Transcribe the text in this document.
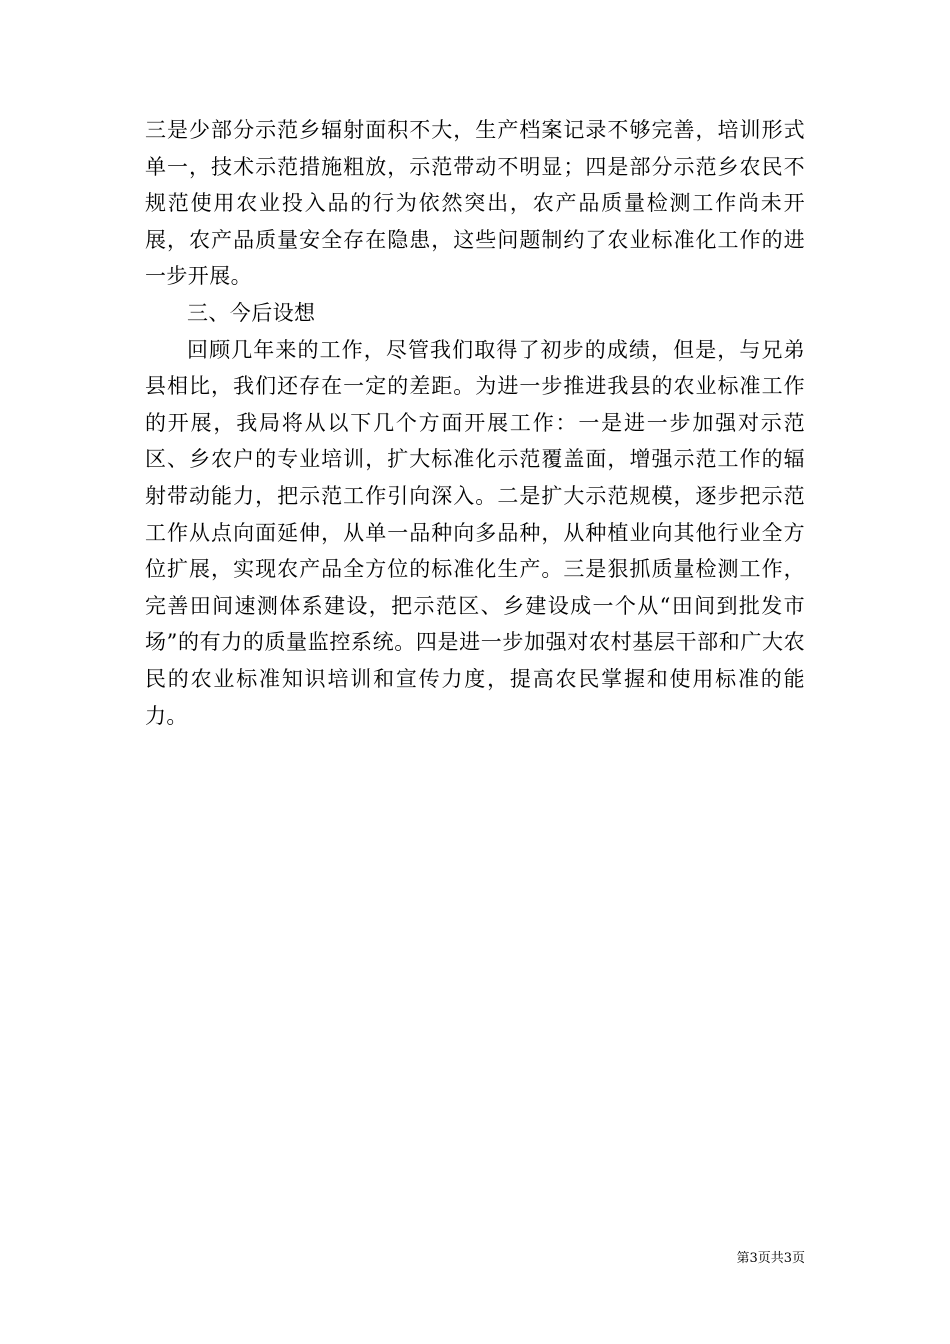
三是少部分示范乡辐射面积不大，生产档案记录不够完善，培训形式单一，技术示范措施粗放，示范带动不明显；四是部分示范乡农民不规范使用农业投入品的行为依然突出，农产品质量检测工作尚未开展，农产品质量安全存在隐患，这些问题制约了农业标准化工作的进一步开展。

三、今后设想

回顾几年来的工作，尽管我们取得了初步的成绩，但是，与兄弟县相比，我们还存在一定的差距。为进一步推进我县的农业标准工作的开展，我局将从以下几个方面开展工作：一是进一步加强对示范区、乡农户的专业培训，扩大标准化示范覆盖面，增强示范工作的辐射带动能力，把示范工作引向深入。二是扩大示范规模，逐步把示范工作从点向面延伸，从单一品种向多品种，从种植业向其他行业全方位扩展，实现农产品全方位的标准化生产。三是狠抓质量检测工作，完善田间速测体系建设，把示范区、乡建设成一个从“田间到批发市场”的有力的质量监控系统。四是进一步加强对农村基层干部和广大农民的农业标准知识培训和宣传力度，提高农民掌握和使用标准的能力。

第3页共3页
